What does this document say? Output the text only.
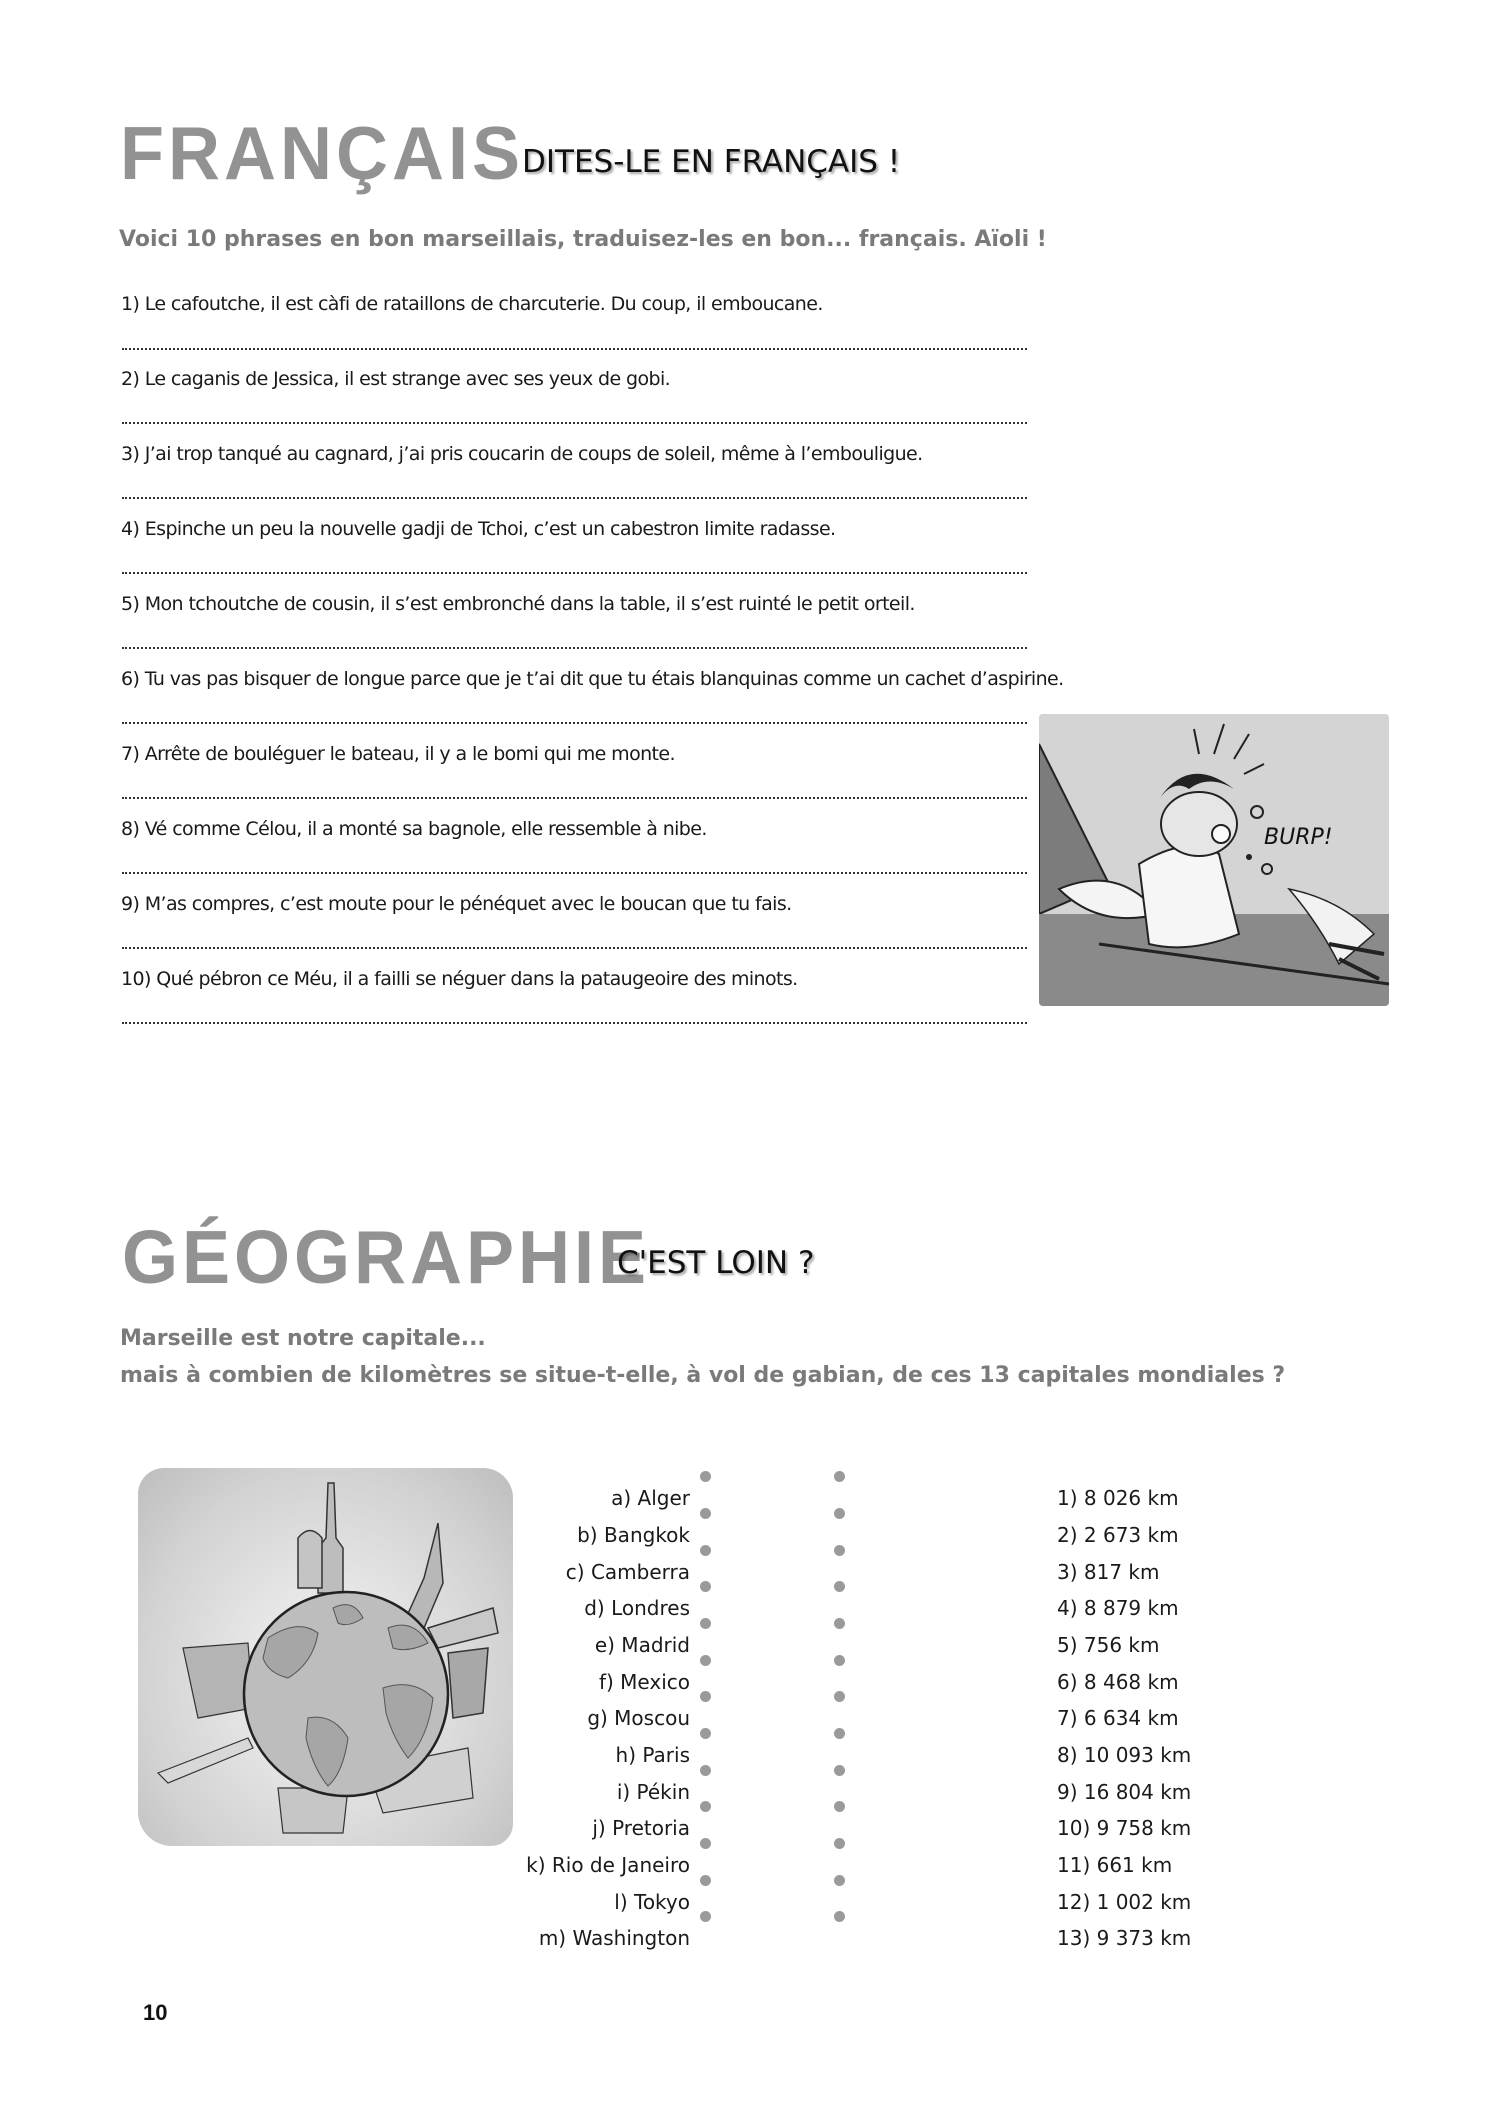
FRANÇAIS
DITES-LE EN FRANÇAIS !
Voici 10 phrases en bon marseillais, traduisez-les en bon... français. Aïoli !
1) Le cafoutche, il est càfi de rataillons de charcuterie. Du coup, il emboucane.
2) Le caganis de Jessica, il est strange avec ses yeux de gobi.
3) J’ai trop tanqué au cagnard, j’ai pris coucarin de coups de soleil, même à l’embouligue.
4) Espinche un peu la nouvelle gadji de Tchoi, c’est un cabestron limite radasse.
5) Mon tchoutche de cousin, il s’est embronché dans la table, il s’est ruinté le petit orteil.
6) Tu vas pas bisquer de longue parce que je t’ai dit que tu étais blanquinas comme un cachet d’aspirine.
7) Arrête de bouléguer le bateau, il y a le bomi qui me monte.
8) Vé comme Célou, il a monté sa bagnole, elle ressemble à nibe.
9) M’as compres, c’est moute pour le pénéquet avec le boucan que tu fais.
10) Qué pébron ce Méu, il a failli se néguer dans la pataugeoire des minots.
BURP!
GÉOGRAPHIE
C'EST LOIN ?
Marseille est notre capitale...
mais à combien de kilomètres se situe-t-elle, à vol de gabian, de ces 13 capitales mondiales ?
a) Alger
b) Bangkok
c) Camberra
d) Londres
e) Madrid
f) Mexico
g) Moscou
h) Paris
i) Pékin
j) Pretoria
k) Rio de Janeiro
l) Tokyo
m) Washington
1) 8 026 km
2) 2 673 km
3) 817 km
4) 8 879 km
5) 756 km
6) 8 468 km
7) 6 634 km
8) 10 093 km
9) 16 804 km
10) 9 758 km
11) 661 km
12) 1 002 km
13) 9 373 km
10
